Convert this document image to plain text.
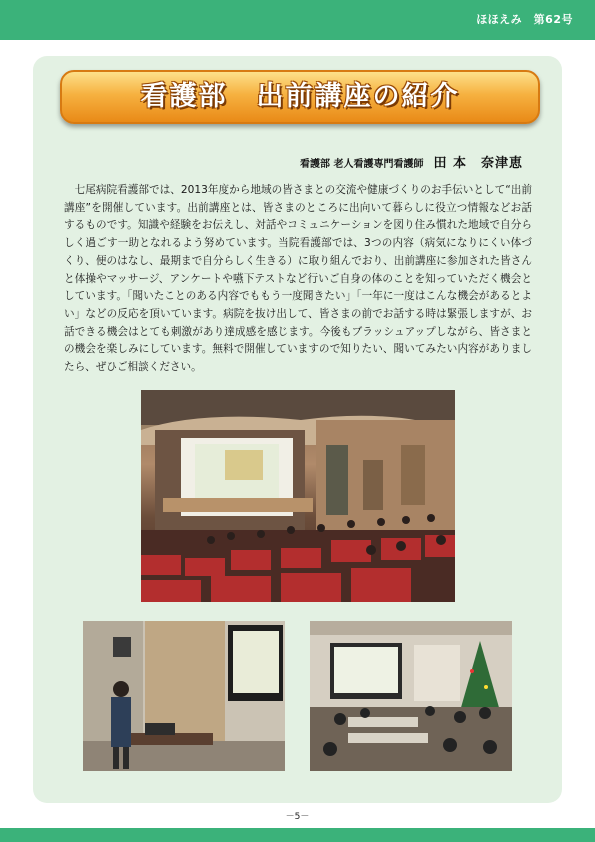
ほほえみ　第62号
看護部　出前講座の紹介
看護部 老人看護専門看護師 田 本　奈津恵
　七尾病院看護部では、2013年度から地域の皆さまとの交流や健康づくりのお手伝いとして“出前講座”を開催しています。出前講座とは、皆さまのところに出向いて暮らしに役立つ情報などお話するものです。知識や経験をお伝えし、対話やコミュニケーションを図り住み慣れた地域で自分らしく過ごす一助となれるよう努めています。当院看護部では、3つの内容（病気になりにくい体づくり、便のはなし、最期まで自分らしく生きる）に取り組んでおり、出前講座に参加された皆さんと体操やマッサージ、アンケートや嚥下テストなど行いご自身の体のことを知っていただく機会としています。「聞いたことのある内容でももう一度聞きたい」「一年に一度はこんな機会があるとよい」などの反応を頂いています。病院を抜け出して、皆さまの前でお話する時は緊張しますが、お話できる機会はとても刺激があり達成感を感じます。今後もブラッシュアップしながら、皆さまとの機会を楽しみにしています。無料で開催していますので知りたい、聞いてみたい内容がありましたら、ぜひご相談ください。
－5－
